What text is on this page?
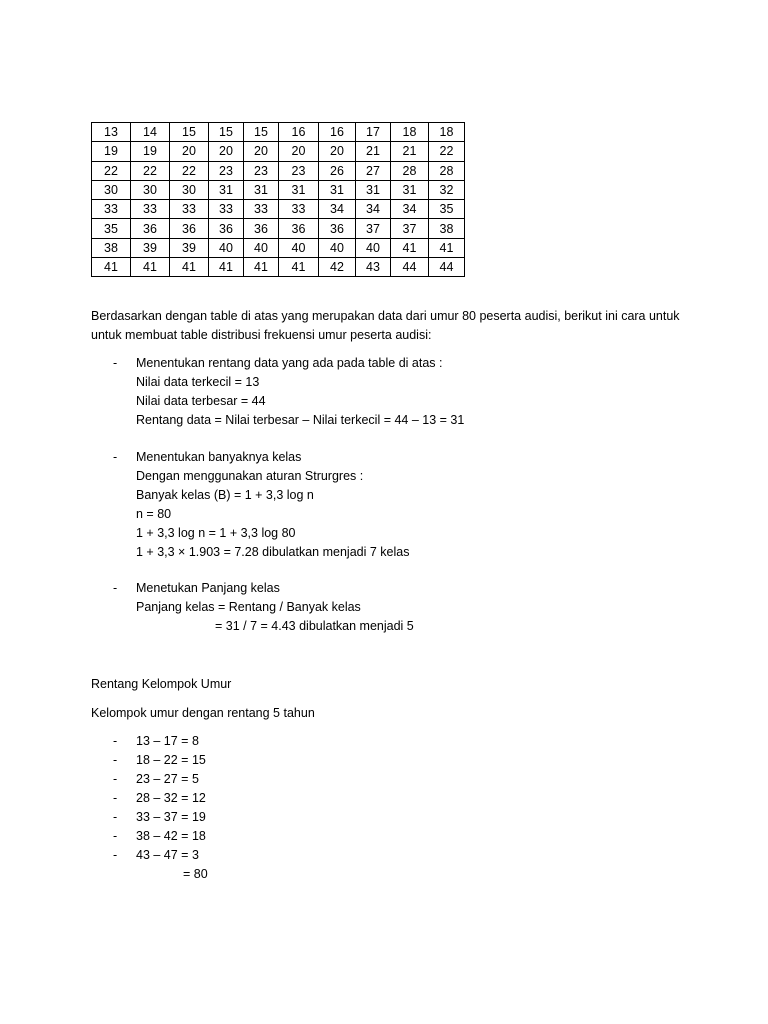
13	14	15	15	15	16	16	17	18	18
19	19	20	20	20	20	20	21	21	22
22	22	22	23	23	23	26	27	28	28
30	30	30	31	31	31	31	31	31	32
33	33	33	33	33	33	34	34	34	35
35	36	36	36	36	36	36	37	37	38
38	39	39	40	40	40	40	40	41	41
41	41	41	41	41	41	42	43	44	44

Berdasarkan dengan table di atas yang merupakan data dari umur 80 peserta audisi, berikut ini cara untuk untuk membuat table distribusi frekuensi umur peserta audisi:

- Menentukan rentang data yang ada pada table di atas :
Nilai data terkecil = 13
Nilai data terbesar = 44
Rentang data = Nilai terbesar – Nilai terkecil = 44 – 13 = 31
- Menentukan banyaknya kelas
Dengan menggunakan aturan Strurgres :
Banyak kelas (B) = 1 + 3,3 log n
n = 80
1 + 3,3 log n = 1 + 3,3 log 80
1 + 3,3 × 1.903 = 7.28 dibulatkan menjadi 7 kelas
- Menetukan Panjang kelas
Panjang kelas = Rentang / Banyak kelas
= 31 / 7 = 4.43 dibulatkan menjadi 5
Rentang Kelompok Umur
Kelompok umur dengan rentang 5 tahun
- 13 – 17 = 8
- 18 – 22 = 15
- 23 – 27 = 5
- 28 – 32 = 12
- 33 – 37 = 19
- 38 – 42 = 18
- 43 – 47 = 3
= 80
